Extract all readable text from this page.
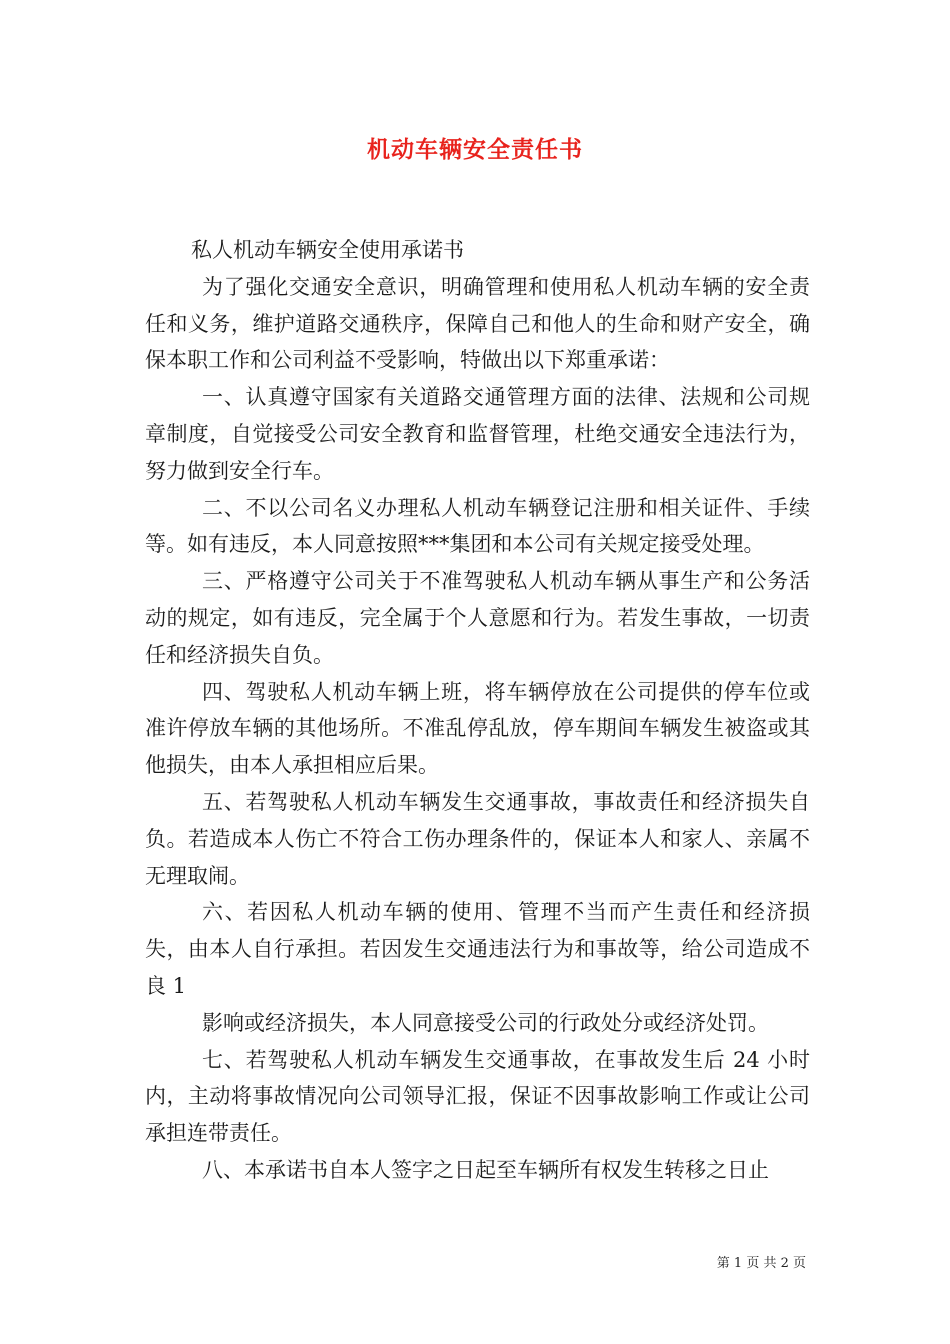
机动车辆安全责任书

私人机动车辆安全使用承诺书

为了强化交通安全意识，明确管理和使用私人机动车辆的安全责任和义务，维护道路交通秩序，保障自己和他人的生命和财产安全，确保本职工作和公司利益不受影响，特做出以下郑重承诺：

一、认真遵守国家有关道路交通管理方面的法律、法规和公司规章制度，自觉接受公司安全教育和监督管理，杜绝交通安全违法行为，努力做到安全行车。

二、不以公司名义办理私人机动车辆登记注册和相关证件、手续等。如有违反，本人同意按照***集团和本公司有关规定接受处理。

三、严格遵守公司关于不准驾驶私人机动车辆从事生产和公务活动的规定，如有违反，完全属于个人意愿和行为。若发生事故，一切责任和经济损失自负。

四、驾驶私人机动车辆上班，将车辆停放在公司提供的停车位或准许停放车辆的其他场所。不准乱停乱放，停车期间车辆发生被盗或其他损失，由本人承担相应后果。

五、若驾驶私人机动车辆发生交通事故，事故责任和经济损失自负。若造成本人伤亡不符合工伤办理条件的，保证本人和家人、亲属不无理取闹。

六、若因私人机动车辆的使用、管理不当而产生责任和经济损失，由本人自行承担。若因发生交通违法行为和事故等，给公司造成不良 1

影响或经济损失，本人同意接受公司的行政处分或经济处罚。

七、若驾驶私人机动车辆发生交通事故，在事故发生后 24 小时内，主动将事故情况向公司领导汇报，保证不因事故影响工作或让公司承担连带责任。

八、本承诺书自本人签字之日起至车辆所有权发生转移之日止

第 1 页 共 2 页
